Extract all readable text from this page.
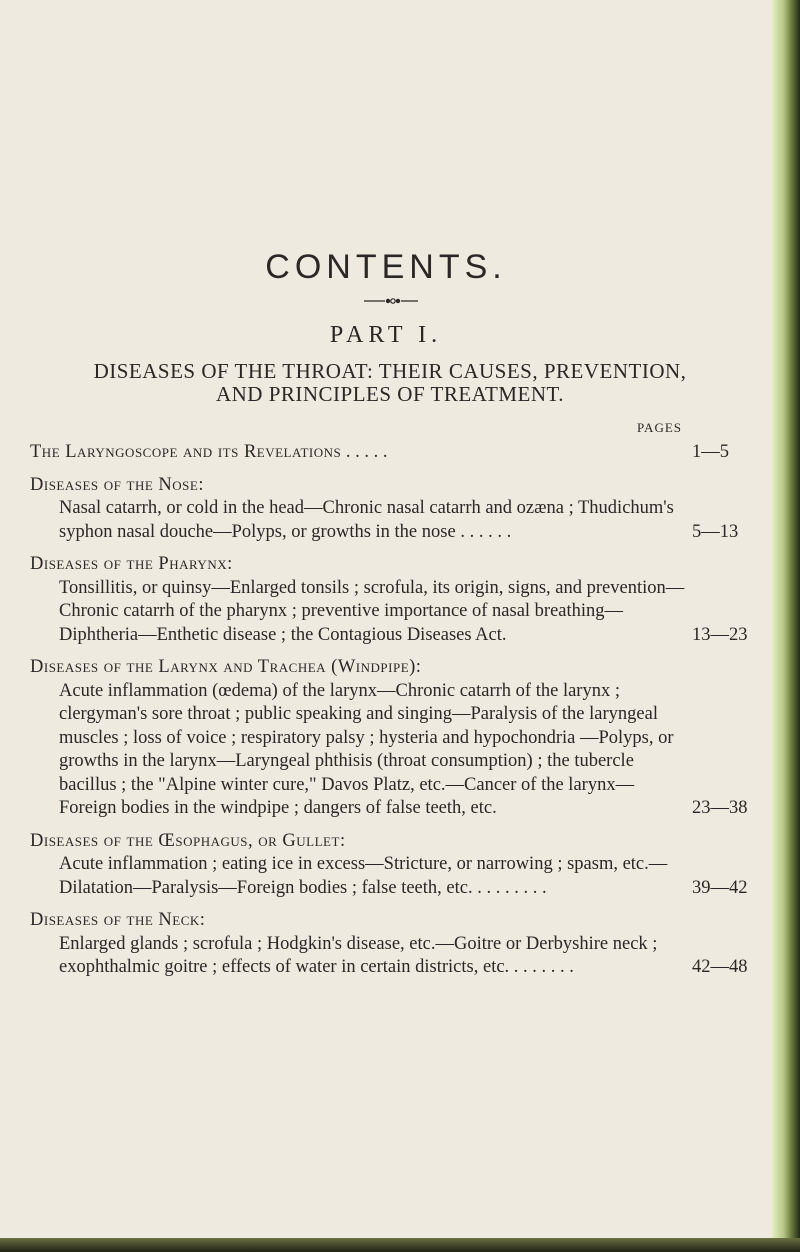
CONTENTS.
PART I.
DISEASES OF THE THROAT: THEIR CAUSES, PREVENTION,
AND PRINCIPLES OF TREATMENT.
PAGES
The Laryngoscope and its Revelations . . . . .	1—5
Diseases of the Nose:
Nasal catarrh, or cold in the head—Chronic nasal catarrh and ozæna ; Thudichum's syphon nasal douche—Polyps, or growths in the nose . . . . . .	5—13
Diseases of the Pharynx:
Tonsillitis, or quinsy—Enlarged tonsils ; scrofula, its origin, signs, and prevention—Chronic catarrh of the pharynx ; preventive importance of nasal breathing—Diphtheria—Enthetic disease ; the Contagious Diseases Act.	13—23
Diseases of the Larynx and Trachea (Windpipe):
Acute inflammation (œdema) of the larynx—Chronic catarrh of the larynx ; clergyman's sore throat ; public speaking and singing—Paralysis of the laryngeal muscles ; loss of voice ; respiratory palsy ; hysteria and hypochondria —Polyps, or growths in the larynx—Laryngeal phthisis (throat consumption) ; the tubercle bacillus ; the "Alpine winter cure," Davos Platz, etc.—Cancer of the larynx—Foreign bodies in the windpipe ; dangers of false teeth, etc.	23—38
Diseases of the Œsophagus, or Gullet:
Acute inflammation ; eating ice in excess—Stricture, or narrowing ; spasm, etc.—Dilatation—Paralysis—Foreign bodies ; false teeth, etc. . . . . . . . .	39—42
Diseases of the Neck:
Enlarged glands ; scrofula ; Hodgkin's disease, etc.—Goitre or Derbyshire neck ; exophthalmic goitre ; effects of water in certain districts, etc. . . . . . . .	42—48
